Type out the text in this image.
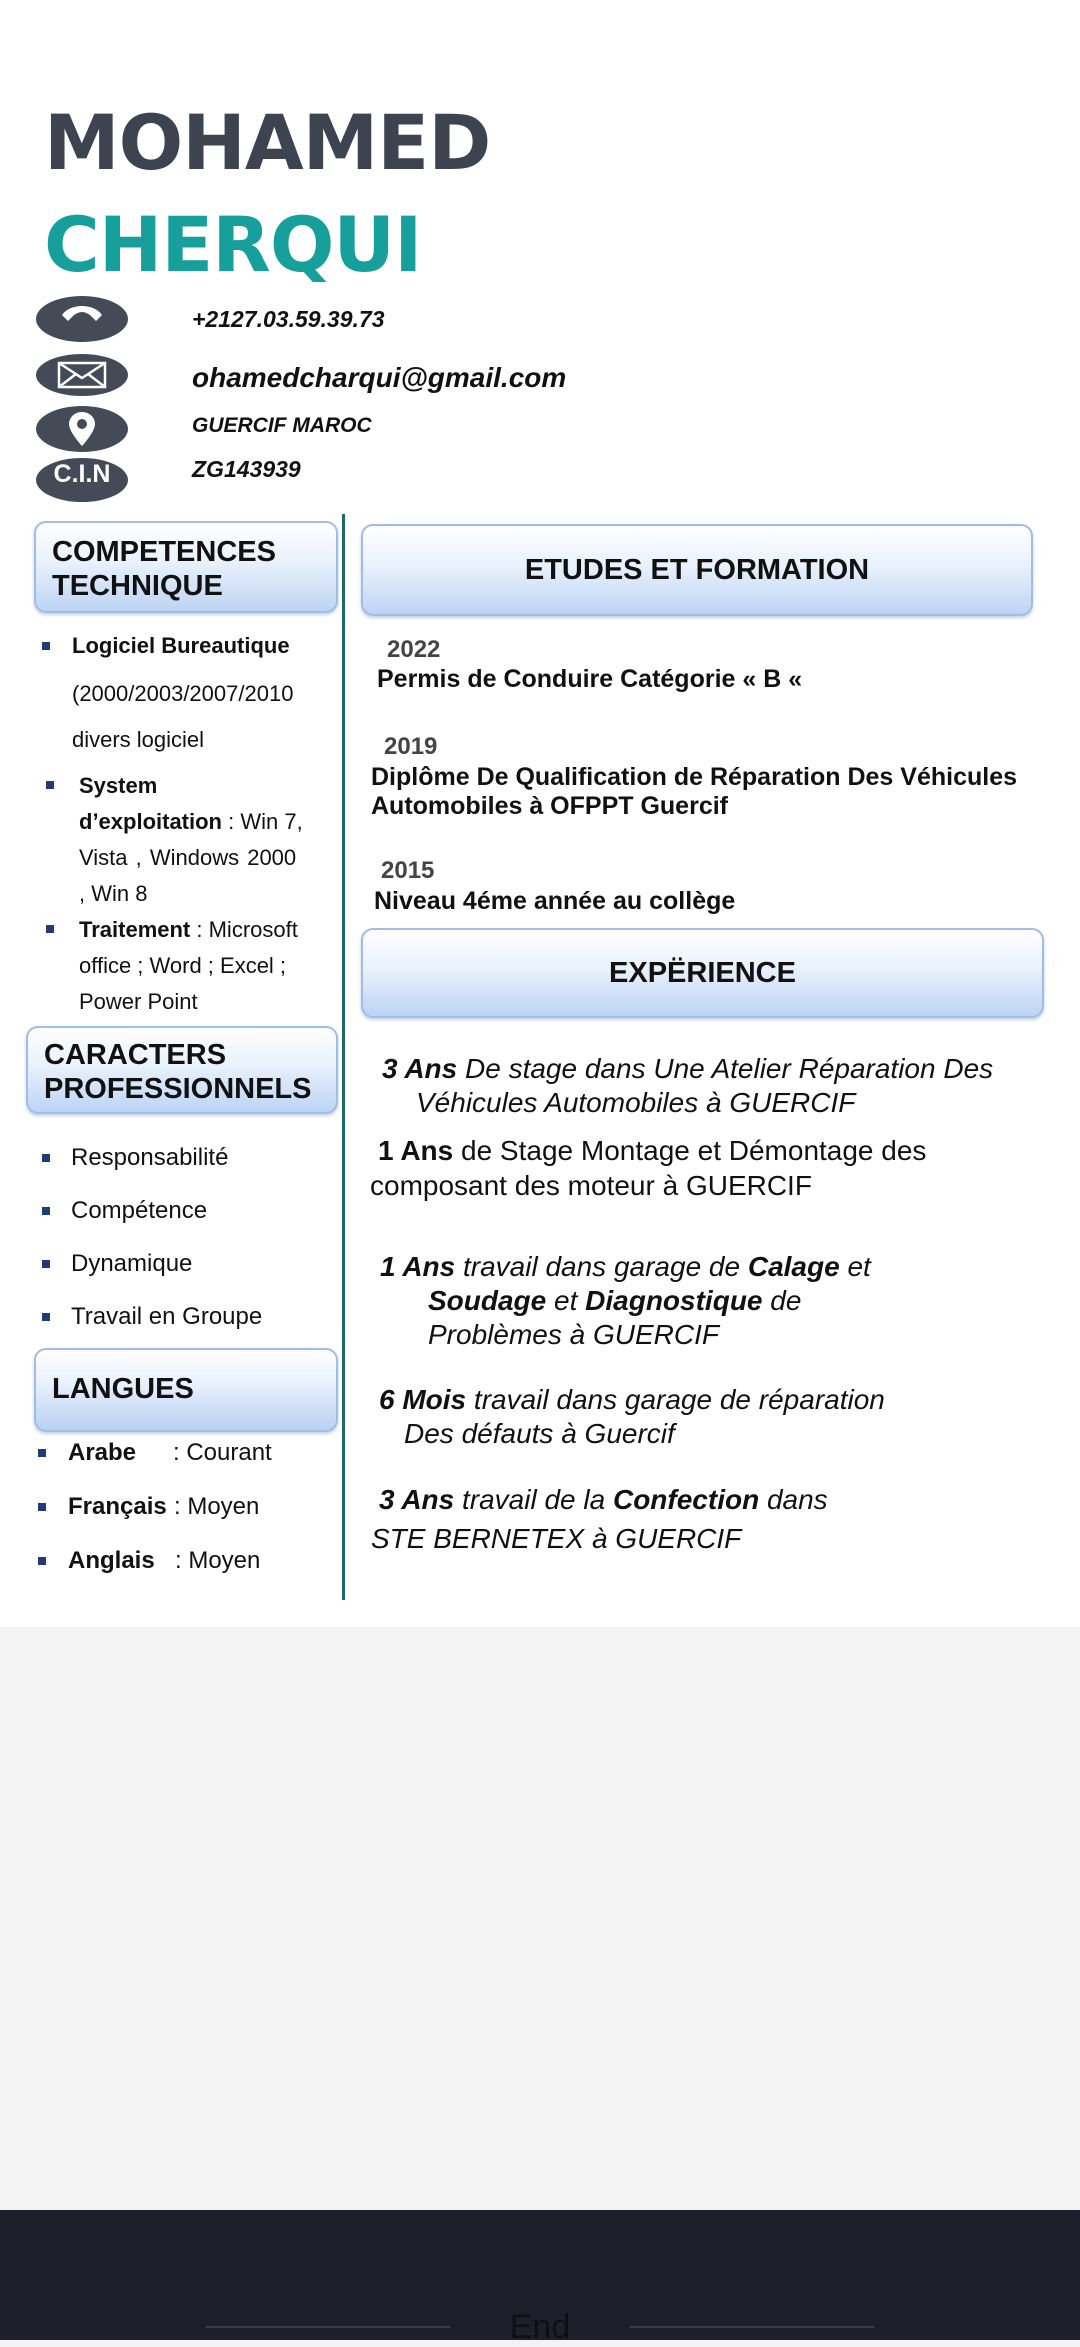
MOHAMED
CHERQUI
+2127.03.59.39.73
ohamedcharqui@gmail.com
GUERCIF MAROC
C.I.N	ZG143939
COMPETENCES
TECHNIQUE
Logiciel Bureautique
(2000/2003/2007/2010
divers logiciel
System
d’exploitation : Win 7,
Vista , Windows 2000
, Win 8
Traitement : Microsoft
office ; Word ; Excel ;
Power Point
CARACTERS
PROFESSIONNELS
Responsabilité
Compétence
Dynamique
Travail en Groupe
LANGUES
Arabe : Courant
Français : Moyen
Anglais : Moyen
ETUDES ET FORMATION
2022
Permis de Conduire Catégorie « B «
2019
Diplôme De Qualification de Réparation Des Véhicules
Automobiles à OFPPT Guercif
2015
Niveau 4éme année au collège
EXPËRIENCE
3 Ans De stage dans Une Atelier Réparation Des
Véhicules Automobiles à GUERCIF
1 Ans de Stage Montage et Démontage des
composant des moteur à GUERCIF
1 Ans travail dans garage de Calage et
Soudage et Diagnostique de
Problèmes à GUERCIF
6 Mois travail dans garage de réparation
Des défauts à Guercif
3 Ans travail de la Confection dans
STE BERNETEX à GUERCIF
End
